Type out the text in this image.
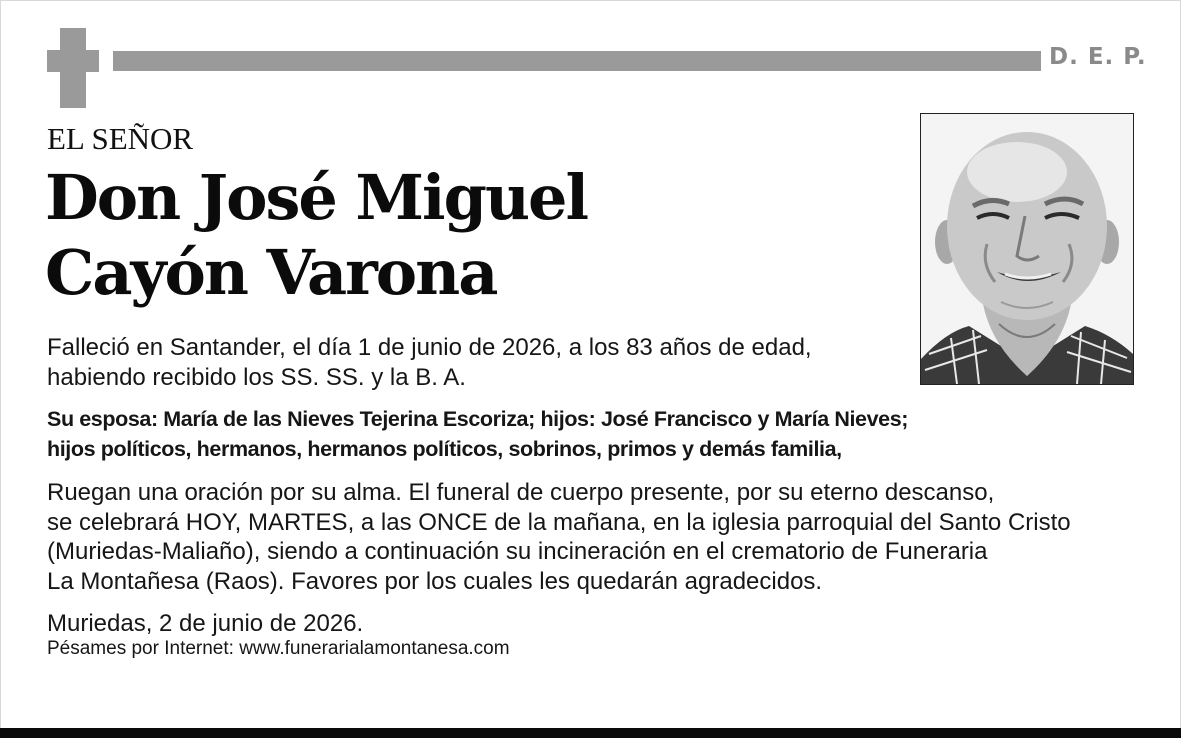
D. E. P.
EL SEÑOR
Don José Miguel
Cayón Varona
Falleció en Santander, el día 1 de junio de 2026, a los 83 años de edad,
habiendo recibido los SS. SS. y la B. A.
Su esposa: María de las Nieves Tejerina Escoriza; hijos: José Francisco y María Nieves;
hijos políticos, hermanos, hermanos políticos, sobrinos, primos y demás familia,
Ruegan una oración por su alma. El funeral de cuerpo presente, por su eterno descanso,
se celebrará HOY, MARTES, a las ONCE de la mañana, en la iglesia parroquial del Santo Cristo
(Muriedas-Maliaño), siendo a continuación su incineración en el crematorio de Funeraria
La Montañesa (Raos). Favores por los cuales les quedarán agradecidos.
Muriedas, 2 de junio de 2026.
Pésames por Internet: www.funerarialamontanesa.com
